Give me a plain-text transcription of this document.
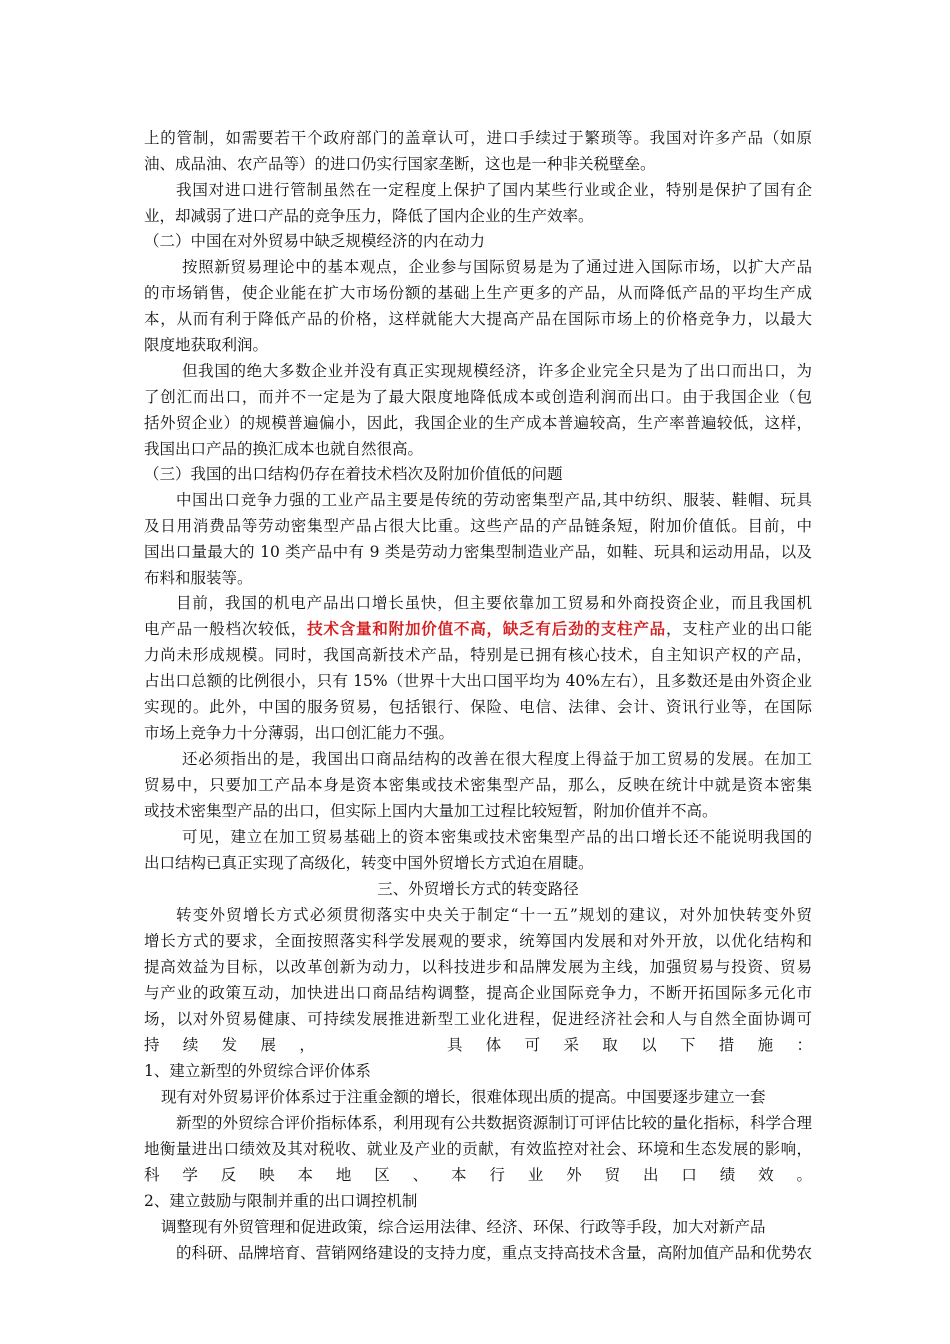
上的管制，如需要若干个政府部门的盖章认可，进口手续过于繁琐等。我国对许多产品（如原
油、成品油、农产品等）的进口仍实行国家垄断，这也是一种非关税壁垒。
我国对进口进行管制虽然在一定程度上保护了国内某些行业或企业，特别是保护了国有企
业，却减弱了进口产品的竞争压力，降低了国内企业的生产效率。
（二）中国在对外贸易中缺乏规模经济的内在动力
按照新贸易理论中的基本观点，企业参与国际贸易是为了通过进入国际市场，以扩大产品
的市场销售，使企业能在扩大市场份额的基础上生产更多的产品，从而降低产品的平均生产成
本，从而有利于降低产品的价格，这样就能大大提高产品在国际市场上的价格竞争力，以最大
限度地获取利润。
但我国的绝大多数企业并没有真正实现规模经济，许多企业完全只是为了出口而出口，为
了创汇而出口，而并不一定是为了最大限度地降低成本或创造利润而出口。由于我国企业（包
括外贸企业）的规模普遍偏小，因此，我国企业的生产成本普遍较高，生产率普遍较低，这样，
我国出口产品的换汇成本也就自然很高。
（三）我国的出口结构仍存在着技术档次及附加价值低的问题
中国出口竞争力强的工业产品主要是传统的劳动密集型产品,其中纺织、服装、鞋帽、玩具
及日用消费品等劳动密集型产品占很大比重。这些产品的产品链条短，附加价值低。目前，中
国出口量最大的 10 类产品中有 9 类是劳动力密集型制造业产品，如鞋、玩具和运动用品，以及
布料和服装等。
目前，我国的机电产品出口增长虽快，但主要依靠加工贸易和外商投资企业，而且我国机
电产品一般档次较低，技术含量和附加价值不高，缺乏有后劲的支柱产品，支柱产业的出口能
力尚未形成规模。同时，我国高新技术产品，特别是已拥有核心技术，自主知识产权的产品，
占出口总额的比例很小，只有 15%（世界十大出口国平均为 40%左右），且多数还是由外资企业
实现的。此外，中国的服务贸易，包括银行、保险、电信、法律、会计、资讯行业等，在国际
市场上竞争力十分薄弱，出口创汇能力不强。
还必须指出的是，我国出口商品结构的改善在很大程度上得益于加工贸易的发展。在加工
贸易中，只要加工产品本身是资本密集或技术密集型产品，那么，反映在统计中就是资本密集
或技术密集型产品的出口，但实际上国内大量加工过程比较短暂，附加价值并不高。
可见，建立在加工贸易基础上的资本密集或技术密集型产品的出口增长还不能说明我国的
出口结构已真正实现了高级化，转变中国外贸增长方式迫在眉睫。
三、外贸增长方式的转变路径
转变外贸增长方式必须贯彻落实中央关于制定“十一五”规划的建议，对外加快转变外贸
增长方式的要求，全面按照落实科学发展观的要求，统筹国内发展和对外开放，以优化结构和
提高效益为目标，以改革创新为动力，以科技进步和品牌发展为主线，加强贸易与投资、贸易
与产业的政策互动，加快进出口商品结构调整，提高企业国际竞争力，不断开拓国际多元化市
场，以对外贸易健康、可持续发展推进新型工业化进程，促进经济社会和人与自然全面协调可
持续发展，　　　具体可采取以下措施：
1、建立新型的外贸综合评价体系
现有对外贸易评价体系过于注重金额的增长，很难体现出质的提高。中国要逐步建立一套
新型的外贸综合评价指标体系，利用现有公共数据资源制订可评估比较的量化指标，科学合理
地衡量进出口绩效及其对税收、就业及产业的贡献，有效监控对社会、环境和生态发展的影响，
科学反映本地区、本行业外贸出口绩效。
2、建立鼓励与限制并重的出口调控机制
调整现有外贸管理和促进政策，综合运用法律、经济、环保、行政等手段，加大对新产品
的科研、品牌培育、营销网络建设的支持力度，重点支持高技术含量，高附加值产品和优势农
